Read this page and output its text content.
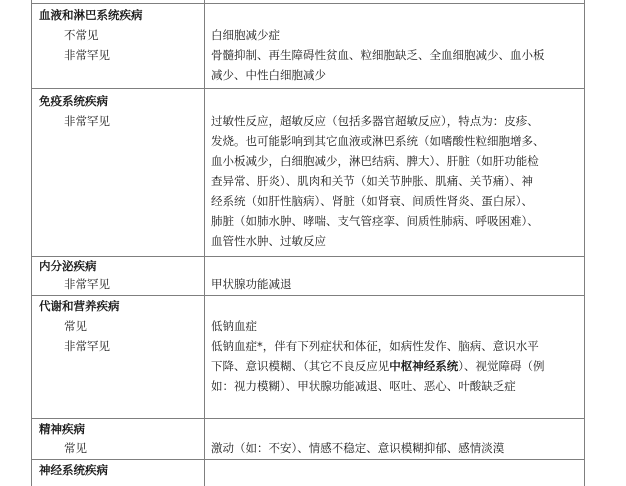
血液和淋巴系统疾病
不常见	白细胞减少症
非常罕见	骨髓抑制、再生障碍性贫血、粒细胞缺乏、全血细胞减少、血小板
减少、中性白细胞减少
免疫系统疾病
非常罕见	过敏性反应，超敏反应（包括多器官超敏反应），特点为：皮疹、
发烧。也可能影响到其它血液或淋巴系统（如嗜酸性粒细胞增多、
血小板减少，白细胞减少，淋巴结病、脾大）、肝脏（如肝功能检
查异常、肝炎）、肌肉和关节（如关节肿胀、肌痛、关节痛）、神
经系统（如肝性脑病）、肾脏（如肾衰、间质性肾炎、蛋白尿）、
肺脏（如肺水肿、哮喘、支气管痉挛、间质性肺病、呼吸困难）、
血管性水肿、过敏反应
内分泌疾病
非常罕见	甲状腺功能减退
代谢和营养疾病
常见	低钠血症
非常罕见	低钠血症*，伴有下列症状和体征，如病性发作、脑病、意识水平
下降、意识模糊、（其它不良反应见中枢神经系统）、视觉障碍（例
如：视力模糊）、甲状腺功能减退、呕吐、恶心、叶酸缺乏症
精神疾病
常见	激动（如：不安）、情感不稳定、意识模糊抑郁、感情淡漠
神经系统疾病
